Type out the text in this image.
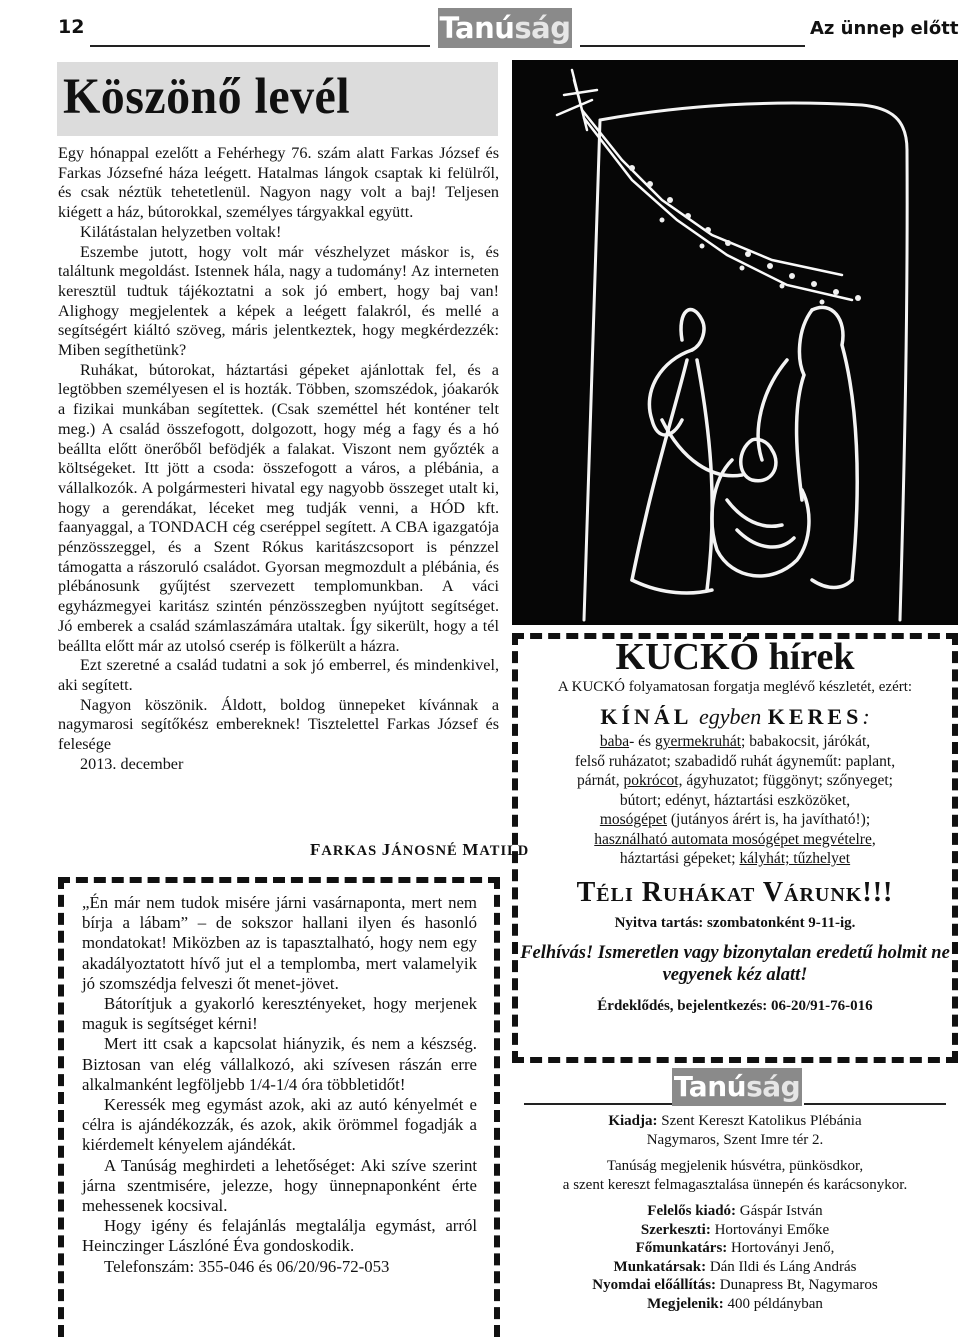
12	Tanúság	Az ünnep előtt
Köszönő levél

Egy hónappal ezelőtt a Fehérhegy 76. szám alatt Farkas József és Farkas Józsefné háza leégett. Hatalmas lángok csaptak ki felülről, és csak néztük tehetetlenül. Nagyon nagy volt a baj! Teljesen kiégett a ház, bútorokkal, személyes tárgyakkal együtt.

Kilátástalan helyzetben voltak!

Eszembe jutott, hogy volt már vészhelyzet máskor is, és találtunk megoldást. Istennek hála, nagy a tudomány! Az interneten keresztül tudtuk tájékoztatni a sok jó embert, hogy baj van! Alighogy megjelentek a képek a leégett falakról, és mellé a segítségért kiáltó szöveg, máris jelentkeztek, hogy megkérdezzék: Miben segíthetünk?

Ruhákat, bútorokat, háztartási gépeket ajánlottak fel, és a legtöbben személyesen el is hozták. Többen, szomszédok, jóakarók a fizikai munkában segítettek. (Csak szeméttel hét konténer telt meg.) A család összefogott, dolgozott, hogy még a fagy és a hó beállta előtt önerőből befödjék a falakat. Viszont nem győzték a költségeket. Itt jött a csoda: összefogott a város, a plébánia, a vállalkozók. A polgármesteri hivatal egy nagyobb összeget utalt ki, hogy a gerendákat, léceket meg tudják venni, a HÓD kft. faanyaggal, a TONDACH cég cseréppel segített. A CBA igazgatója pénzösszeggel, és a Szent Rókus karitászcsoport is pénzzel támogatta a rászoruló családot. Gyorsan megmozdult a plébánia, és plébánosunk gyűjtést szervezett templomunkban. A váci egyházmegyei karitász szintén pénzösszegben nyújtott segítséget. Jó emberek a család számlaszámára utaltak. Így sikerült, hogy a tél beállta előtt már az utolsó cserép is fölkerült a házra.

Ezt szeretné a család tudatni a sok jó emberrel, és mindenkivel, aki segített.

Nagyon köszönik. Áldott, boldog ünnepeket kívánnak a nagymarosi segítőkész embereknek! Tisztelettel Farkas József és felesége

2013. december

FARKAS JÁNOSNÉ MATILD

„Én már nem tudok misére járni vasárnaponta, mert nem bírja a lábam” – de sokszor hallani ilyen és hasonló mondatokat! Miközben az is tapasztalható, hogy nem egy akadályoztatott hívő jut el a templomba, mert valamelyik jó szomszédja felveszi őt menet-jövet.

Bátorítjuk a gyakorló keresztényeket, hogy merjenek maguk is segítséget kérni!

Mert itt csak a kapcsolat hiányzik, és nem a készség. Biztosan van elég vállalkozó, aki szívesen rászán erre alkalmanként legföljebb 1/4-1/4 óra többletidőt!

Keressék meg egymást azok, aki az autó kényelmét e célra is ajándékozzák, és azok, akik örömmel fogadják a kiérdemelt kényelem ajándékát.

A Tanúság meghirdeti a lehetőséget: Aki szíve szerint járna szentmisére, jelezze, hogy ünnepnaponként érte mehessenek kocsival.

Hogy igény és felajánlás megtalálja egymást, arról Heinczinger Lászlóné Éva gondoskodik.

Telefonszám: 355-046 és 06/20/96-72-053

KUCKÓ hírek
A KUCKÓ folyamatosan forgatja meglévő készletét, ezért:
KÍNÁL egyben KERES:
baba- és gyermekruhát; babakocsit, járókát,
felső ruházatot; szabadidő ruhát ágyneműt: paplant,
párnát, pokrócot, ágyhuzatot; függönyt; szőnyeget;
bútort; edényt, háztartási eszközöket,
mosógépet (jutányos árért is, ha javítható!);
használható automata mosógépet megvételre,
háztartási gépeket; kályhát; tűzhelyet
TÉLI RUHÁKAT VÁRUNK!!!
Nyitva tartás: szombatonként 9-11-ig.
Felhívás! Ismeretlen vagy bizonytalan eredetű holmit ne vegyenek kéz alatt!
Érdeklődés, bejelentkezés: 06-20/91-76-016
Tanúság
Kiadja: Szent Kereszt Katolikus Plébánia
Nagymaros, Szent Imre tér 2.
Tanúság megjelenik húsvétra, pünkösdkor,
a szent kereszt felmagasztalása ünnepén és karácsonykor.
Felelős kiadó: Gáspár István
Szerkeszti: Hortoványi Emőke
Főmunkatárs: Hortoványi Jenő,
Munkatársak: Dán Ildi és Láng András
Nyomdai előállítás: Dunapress Bt, Nagymaros
Megjelenik: 400 példányban
